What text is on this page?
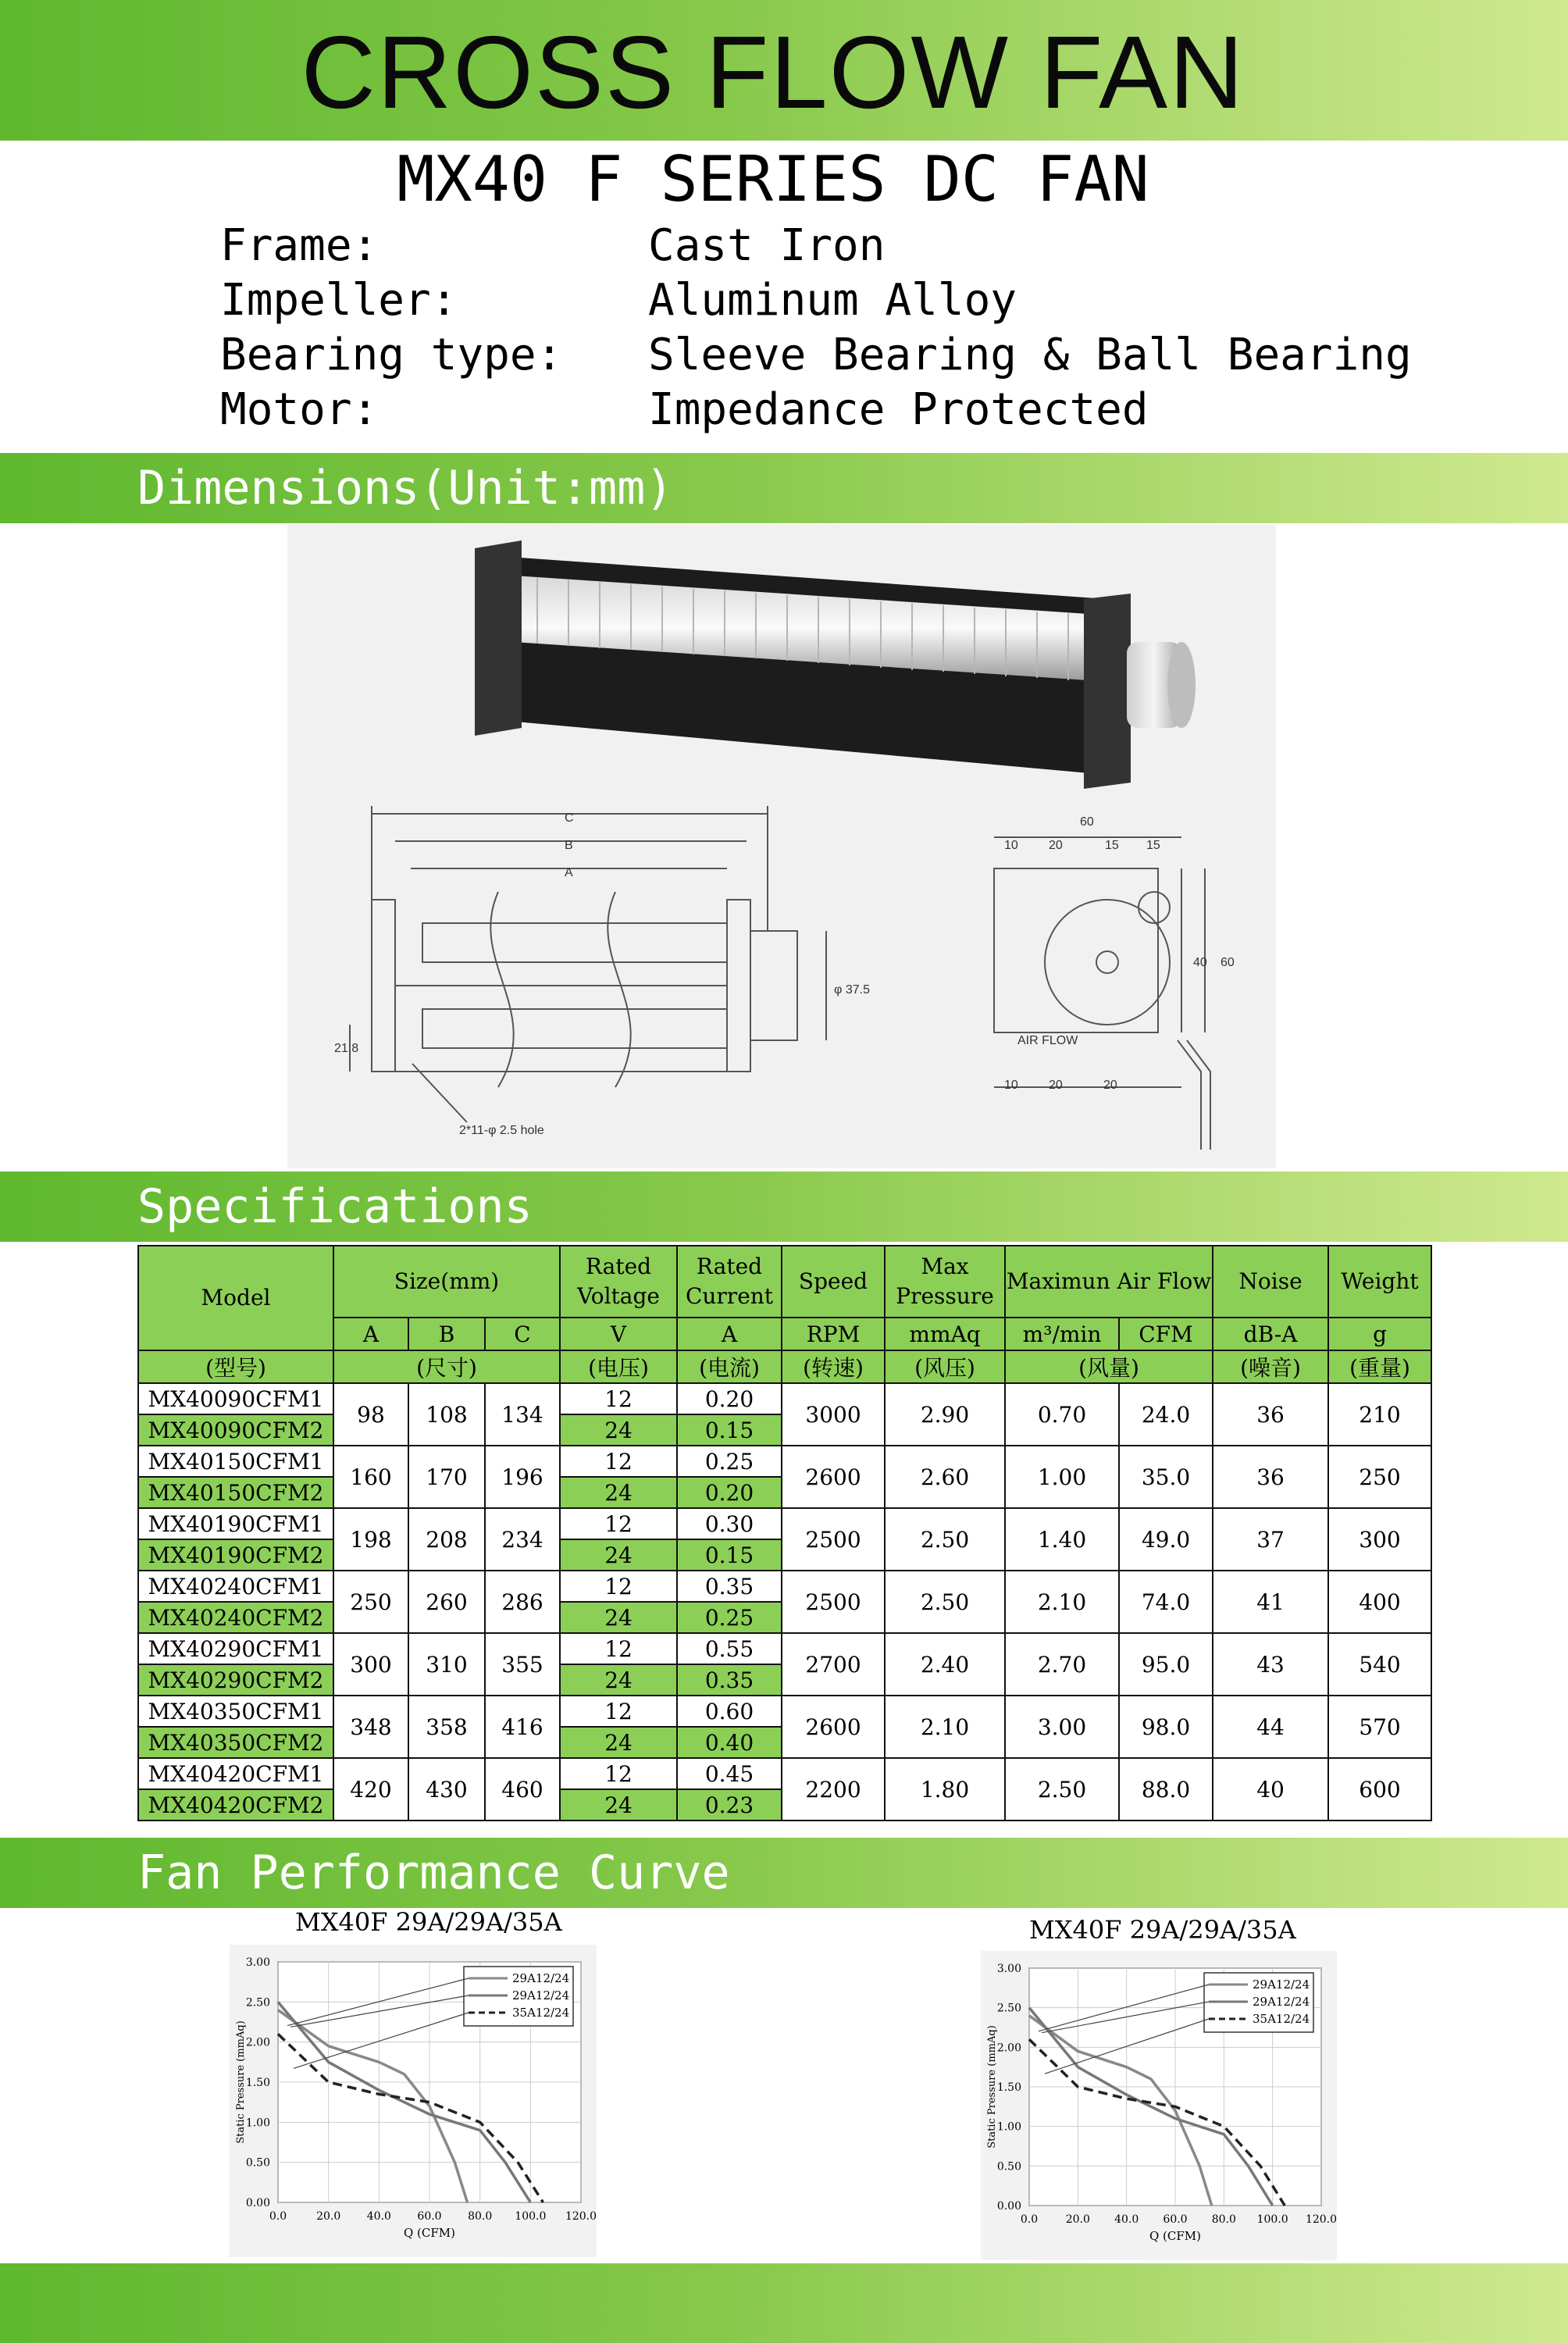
CROSS FLOW FAN
MX40 F SERIES DC FAN
Frame:	Cast Iron
Impeller:	Aluminum Alloy
Bearing type: Sleeve Bearing & Ball Bearing
Motor:	Impedance Protected
Dimensions(Unit:mm)
C
B
A
φ 37.5
21.8
2*11-φ 2.5 hole
60
10 20	15 15
40 60
10 20	20
AIR FLOW
Specifications
Model	Size(mm)			Rated Voltage	Rated Current	Speed	Max Pressure	Maximun Air Flow		Noise	Weight
	A	B	C	V	A	RPM	mmAq	m³/min	CFM	dB-A	g
(型号)	(尺寸)			(电压)	(电流)	(转速)	(风压)	(风量)		(噪音)	(重量)
MX40090CFM1	98	108	134	12	0.20	3000	2.90	0.70	24.0	36	210
MX40090CFM2				24	0.15						
MX40150CFM1	160	170	196	12	0.25	2600	2.60	1.00	35.0	36	250
MX40150CFM2				24	0.20						
MX40190CFM1	198	208	234	12	0.30	2500	2.50	1.40	49.0	37	300
MX40190CFM2				24	0.15						
MX40240CFM1	250	260	286	12	0.35	2500	2.50	2.10	74.0	41	400
MX40240CFM2				24	0.25						
MX40290CFM1	300	310	355	12	0.55	2700	2.40	2.70	95.0	43	540
MX40290CFM2				24	0.35						
MX40350CFM1	348	358	416	12	0.60	2600	2.10	3.00	98.0	44	570
MX40350CFM2				24	0.40						
MX40420CFM1	420	430	460	12	0.45	2200	1.80	2.50	88.0	40	600
MX40420CFM2				24	0.23						
Fan Performance Curve
MX40F 29A/29A/35A	MX40F 29A/29A/35A
0.0	20.0 40.0 60.0 80.0 100.0 120.0
0.00
0.50
1.00
1.50
2.00
2.50
3.00
Q (CFM)
Static Pressure (mmAq)
29A12/24
29A12/24
35A12/24
0.0	20.0 40.0 60.0 80.0 100.0 120.0
0.00
0.50
1.00
1.50
2.00
2.50
3.00
Q (CFM)
Static Pressure (mmAq)
29A12/24
29A12/24
35A12/24
